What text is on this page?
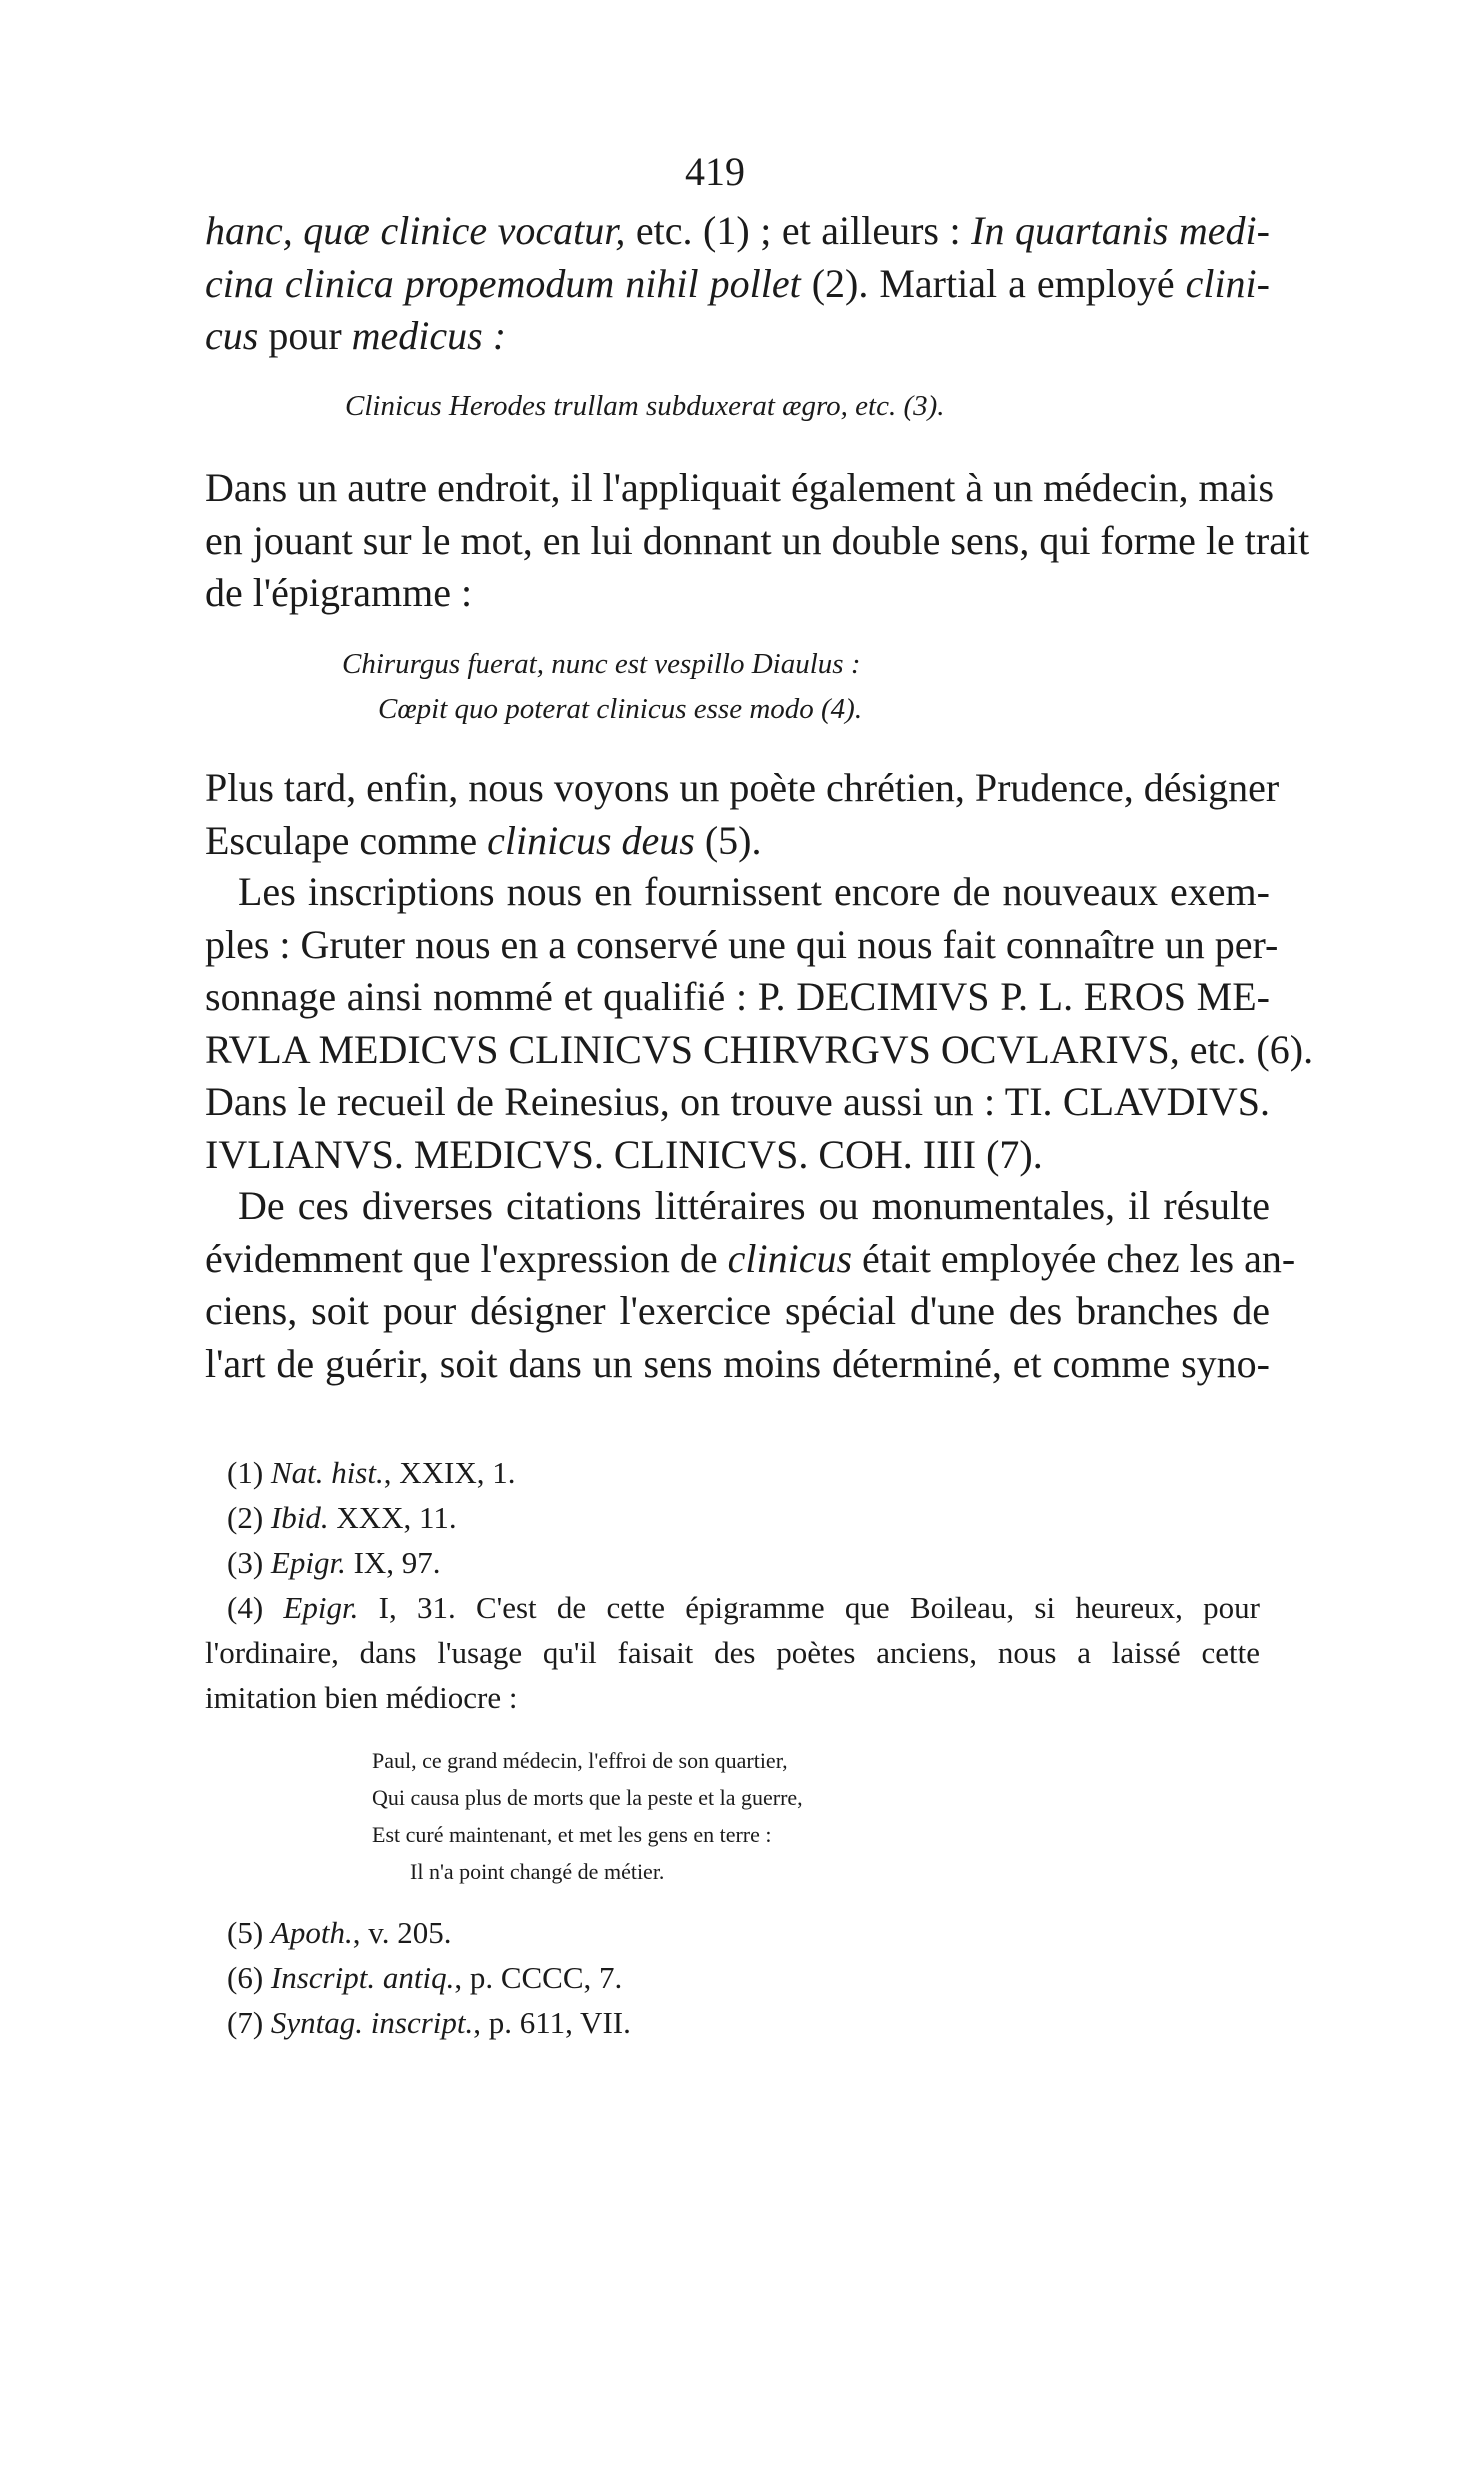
419
hanc, quæ clinice vocatur, etc. (1) ; et ailleurs : In quartanis medi-
cina clinica propemodum nihil pollet (2). Martial a employé clini-
cus pour medicus :
Clinicus Herodes trullam subduxerat ægro, etc. (3).
Dans un autre endroit, il l'appliquait également à un médecin, mais
en jouant sur le mot, en lui donnant un double sens, qui forme le trait
de l'épigramme :
Chirurgus fuerat, nunc est vespillo Diaulus :
Cœpit quo poterat clinicus esse modo (4).
Plus tard, enfin, nous voyons un poète chrétien, Prudence, désigner
Esculape comme clinicus deus (5).
Les inscriptions nous en fournissent encore de nouveaux exem-
ples : Gruter nous en a conservé une qui nous fait connaître un per-
sonnage ainsi nommé et qualifié : P. DECIMIVS P. L. EROS ME-
RVLA MEDICVS CLINICVS CHIRVRGVS OCVLARIVS, etc. (6).
Dans le recueil de Reinesius, on trouve aussi un : TI. CLAVDIVS.
IVLIANVS. MEDICVS. CLINICVS. COH. IIII (7).
De ces diverses citations littéraires ou monumentales, il résulte
évidemment que l'expression de clinicus était employée chez les an-
ciens, soit pour désigner l'exercice spécial d'une des branches de
l'art de guérir, soit dans un sens moins déterminé, et comme syno-
(1) Nat. hist., XXIX, 1.
(2) Ibid. XXX, 11.
(3) Epigr. IX, 97.
(4) Epigr. I, 31. C'est de cette épigramme que Boileau, si heureux, pour
l'ordinaire, dans l'usage qu'il faisait des poètes anciens, nous a laissé cette
imitation bien médiocre :
Paul, ce grand médecin, l'effroi de son quartier,
Qui causa plus de morts que la peste et la guerre,
Est curé maintenant, et met les gens en terre :
Il n'a point changé de métier.
(5) Apoth., v. 205.
(6) Inscript. antiq., p. CCCC, 7.
(7) Syntag. inscript., p. 611, VII.
